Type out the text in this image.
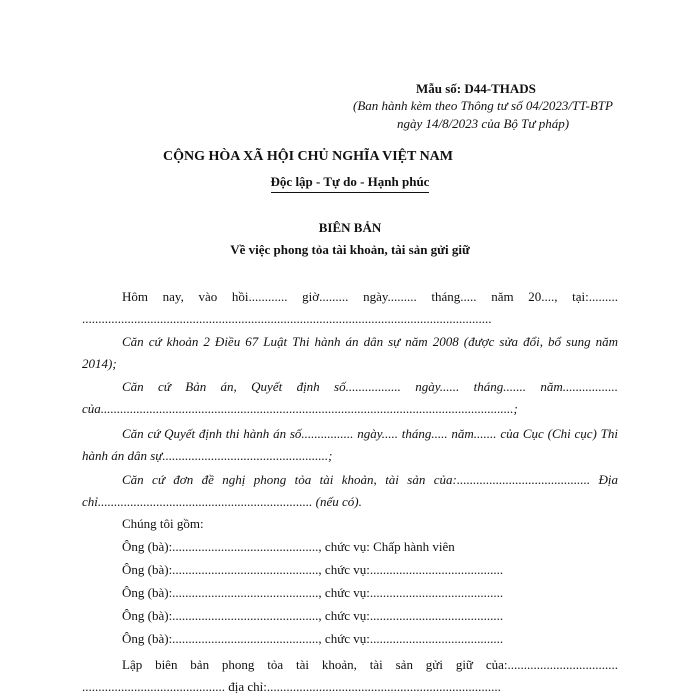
Mẫu số: D44-THADS
(Ban hành kèm theo Thông tư số 04/2023/TT-BTP
ngày 14/8/2023 của Bộ Tư pháp)
CỘNG HÒA XÃ HỘI CHỦ NGHĨA VIỆT NAM
Độc lập - Tự do - Hạnh phúc
BIÊN BẢN
Về việc phong tỏa tài khoản, tài sản gửi giữ
Hôm nay, vào hồi............ giờ......... ngày......... tháng..... năm 20...., tại:......... ..............................................................................................................................
Căn cứ khoản 2 Điều 67 Luật Thi hành án dân sự năm 2008 (được sửa đổi, bổ sung năm 2014);
Căn cứ Bản án, Quyết định số................. ngày...... tháng....... năm................. của...............................................................................................................................;
Căn cứ Quyết định thi hành án số................ ngày..... tháng..... năm....... của Cục (Chi cục) Thi hành án dân sự...................................................;
Căn cứ đơn đề nghị phong tỏa tài khoản, tài sản của:......................................... Địa chỉ.................................................................. (nếu có).
Chúng tôi gồm:
Ông (bà):............................................., chức vụ: Chấp hành viên
Ông (bà):............................................., chức vụ:.........................................
Ông (bà):............................................., chức vụ:.........................................
Ông (bà):............................................., chức vụ:.........................................
Ông (bà):............................................., chức vụ:.........................................
Lập biên bản phong tỏa tài khoản, tài sản gửi giữ của:.................................. ............................................ địa chỉ:........................................................................
